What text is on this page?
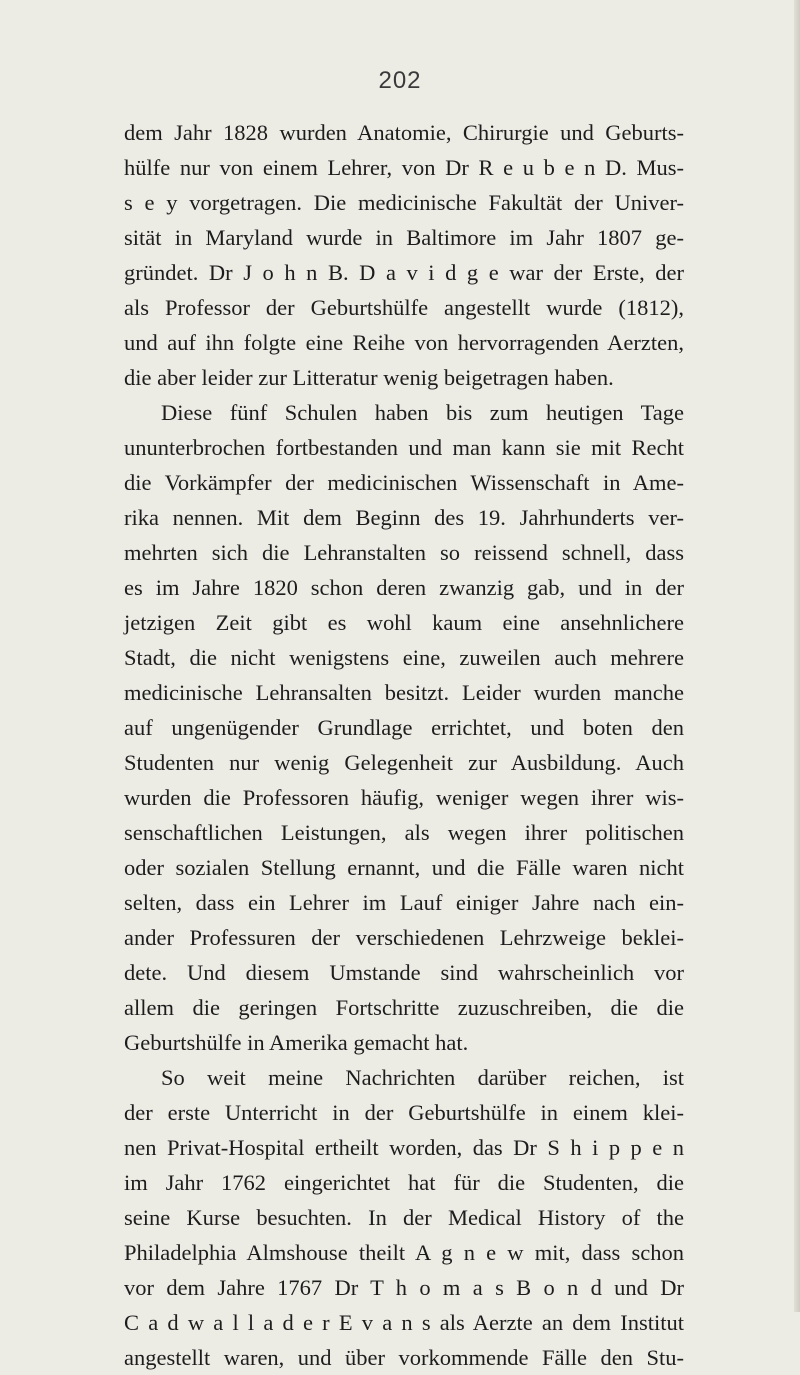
202
dem Jahr 1828 wurden Anatomie, Chirurgie und Geburts-
hülfe nur von einem Lehrer, von Dr R e u b e n D. Mus-
s e y vorgetragen. Die medicinische Fakultät der Univer-
sität in Maryland wurde in Baltimore im Jahr 1807 ge-
gründet. Dr J o h n B. D a v i d g e war der Erste, der
als Professor der Geburtshülfe angestellt wurde (1812),
und auf ihn folgte eine Reihe von hervorragenden Aerzten,
die aber leider zur Litteratur wenig beigetragen haben.
Diese fünf Schulen haben bis zum heutigen Tage
ununterbrochen fortbestanden und man kann sie mit Recht
die Vorkämpfer der medicinischen Wissenschaft in Ame-
rika nennen. Mit dem Beginn des 19. Jahrhunderts ver-
mehrten sich die Lehranstalten so reissend schnell, dass
es im Jahre 1820 schon deren zwanzig gab, und in der
jetzigen Zeit gibt es wohl kaum eine ansehnlichere
Stadt, die nicht wenigstens eine, zuweilen auch mehrere
medicinische Lehransalten besitzt. Leider wurden manche
auf ungenügender Grundlage errichtet, und boten den
Studenten nur wenig Gelegenheit zur Ausbildung. Auch
wurden die Professoren häufig, weniger wegen ihrer wis-
senschaftlichen Leistungen, als wegen ihrer politischen
oder sozialen Stellung ernannt, und die Fälle waren nicht
selten, dass ein Lehrer im Lauf einiger Jahre nach ein-
ander Professuren der verschiedenen Lehrzweige beklei-
dete. Und diesem Umstande sind wahrscheinlich vor
allem die geringen Fortschritte zuzuschreiben, die die
Geburtshülfe in Amerika gemacht hat.
So weit meine Nachrichten darüber reichen, ist
der erste Unterricht in der Geburtshülfe in einem klei-
nen Privat-Hospital ertheilt worden, das Dr S h i p p e n
im Jahr 1762 eingerichtet hat für die Studenten, die
seine Kurse besuchten. In der Medical History of the
Philadelphia Almshouse theilt A g n e w mit, dass schon
vor dem Jahre 1767 Dr T h o m a s B o n d und Dr
C a d w a l l a d e r E v a n s als Aerzte an dem Institut
angestellt waren, und über vorkommende Fälle den Stu-
